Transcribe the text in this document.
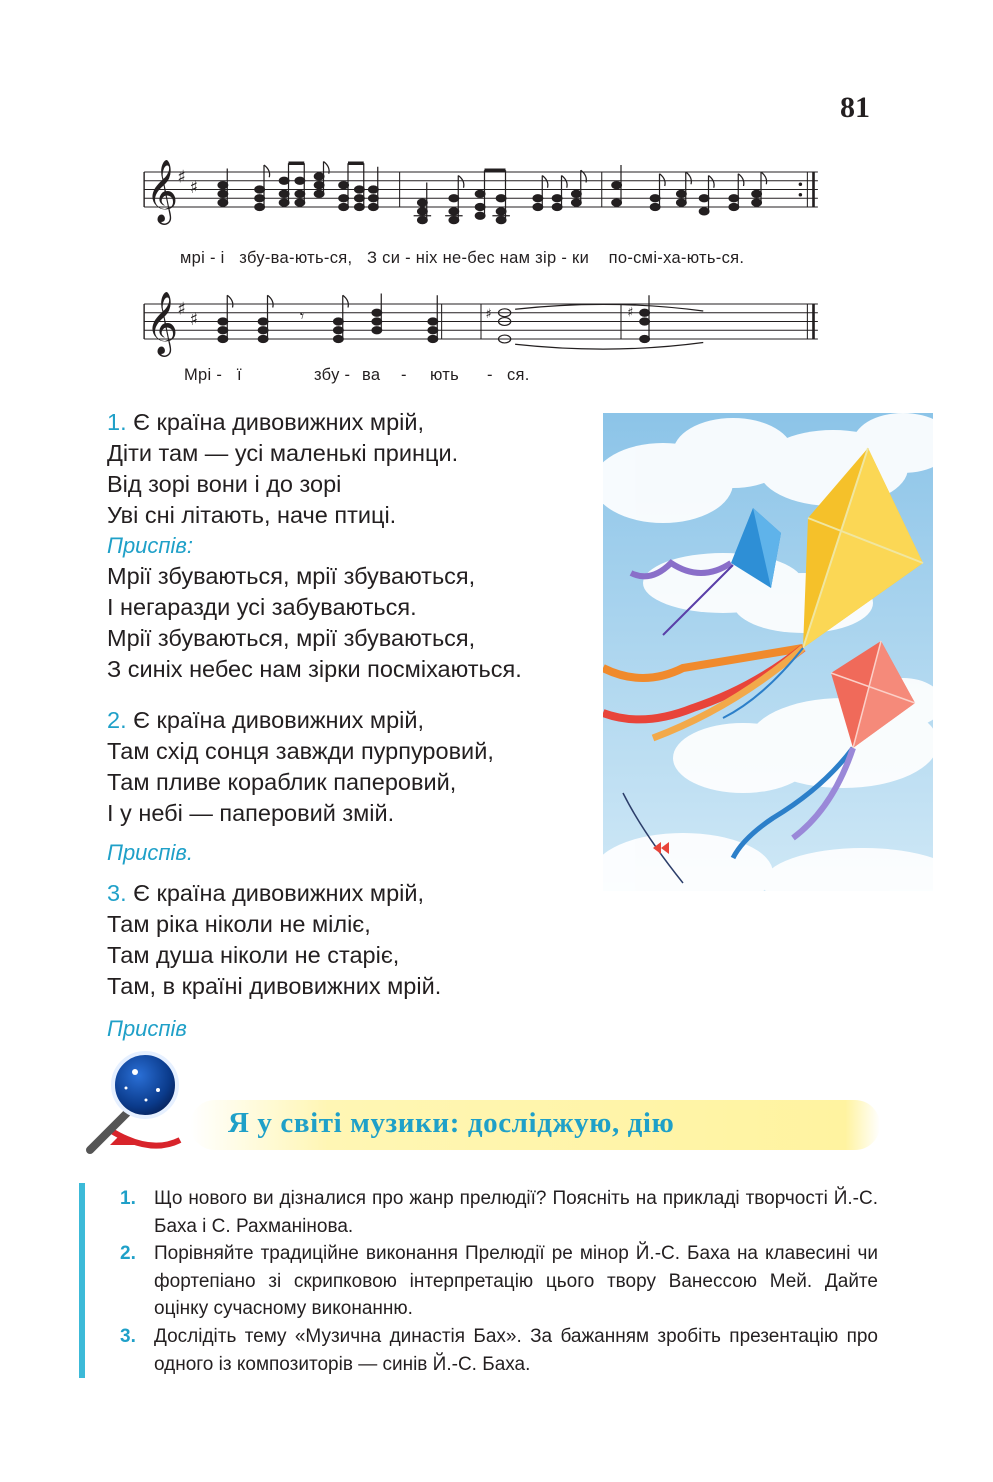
81
𝄞 ♯
♯
мрі - і   збу-ва-ють-ся,   З си - ніх не-бес нам зір - ки    по-смі-ха-ють-ся.
𝄞 ♯
♯	𝄾	♯	♯
Мрі - ї	збу - ва - ють - ся.
1. Є країна дивовижних мрій,
Діти там — усі маленькі принци.
Від зорі вони і до зорі
Уві сні літають, наче птиці.
Приспів:
Мрії збуваються, мрії збуваються,
І негаразди усі забуваються.
Мрії збуваються, мрії збуваються,
З синіх небес нам зірки посміхаються.
2. Є країна дивовижних мрій,
Там схід сонця завжди пурпуровий,
Там пливе кораблик паперовий,
І у небі — паперовий змій.
Приспів.
3. Є країна дивовижних мрій,
Там ріка ніколи не міліє,
Там душа ніколи не старіє,
Там, в країні дивовижних мрій.
Приспів
Я у світі музики: досліджую, дію
1. Що нового ви дізналися про жанр прелюдії? Поясніть на прикладі творчості Й.-С. Баха і С. Рахманінова.
2. Порівняйте традиційне виконання Прелюдії ре мінор Й.-С. Баха на клавесині чи фортепіано зі скрипковою інтерпретацію цього твору Ванессою Мей. Дайте оцінку сучасному виконанню.
3. Дослідіть тему «Музична династія Бах». За бажанням зробіть презентацію про одного із композиторів — синів Й.-С. Баха.
